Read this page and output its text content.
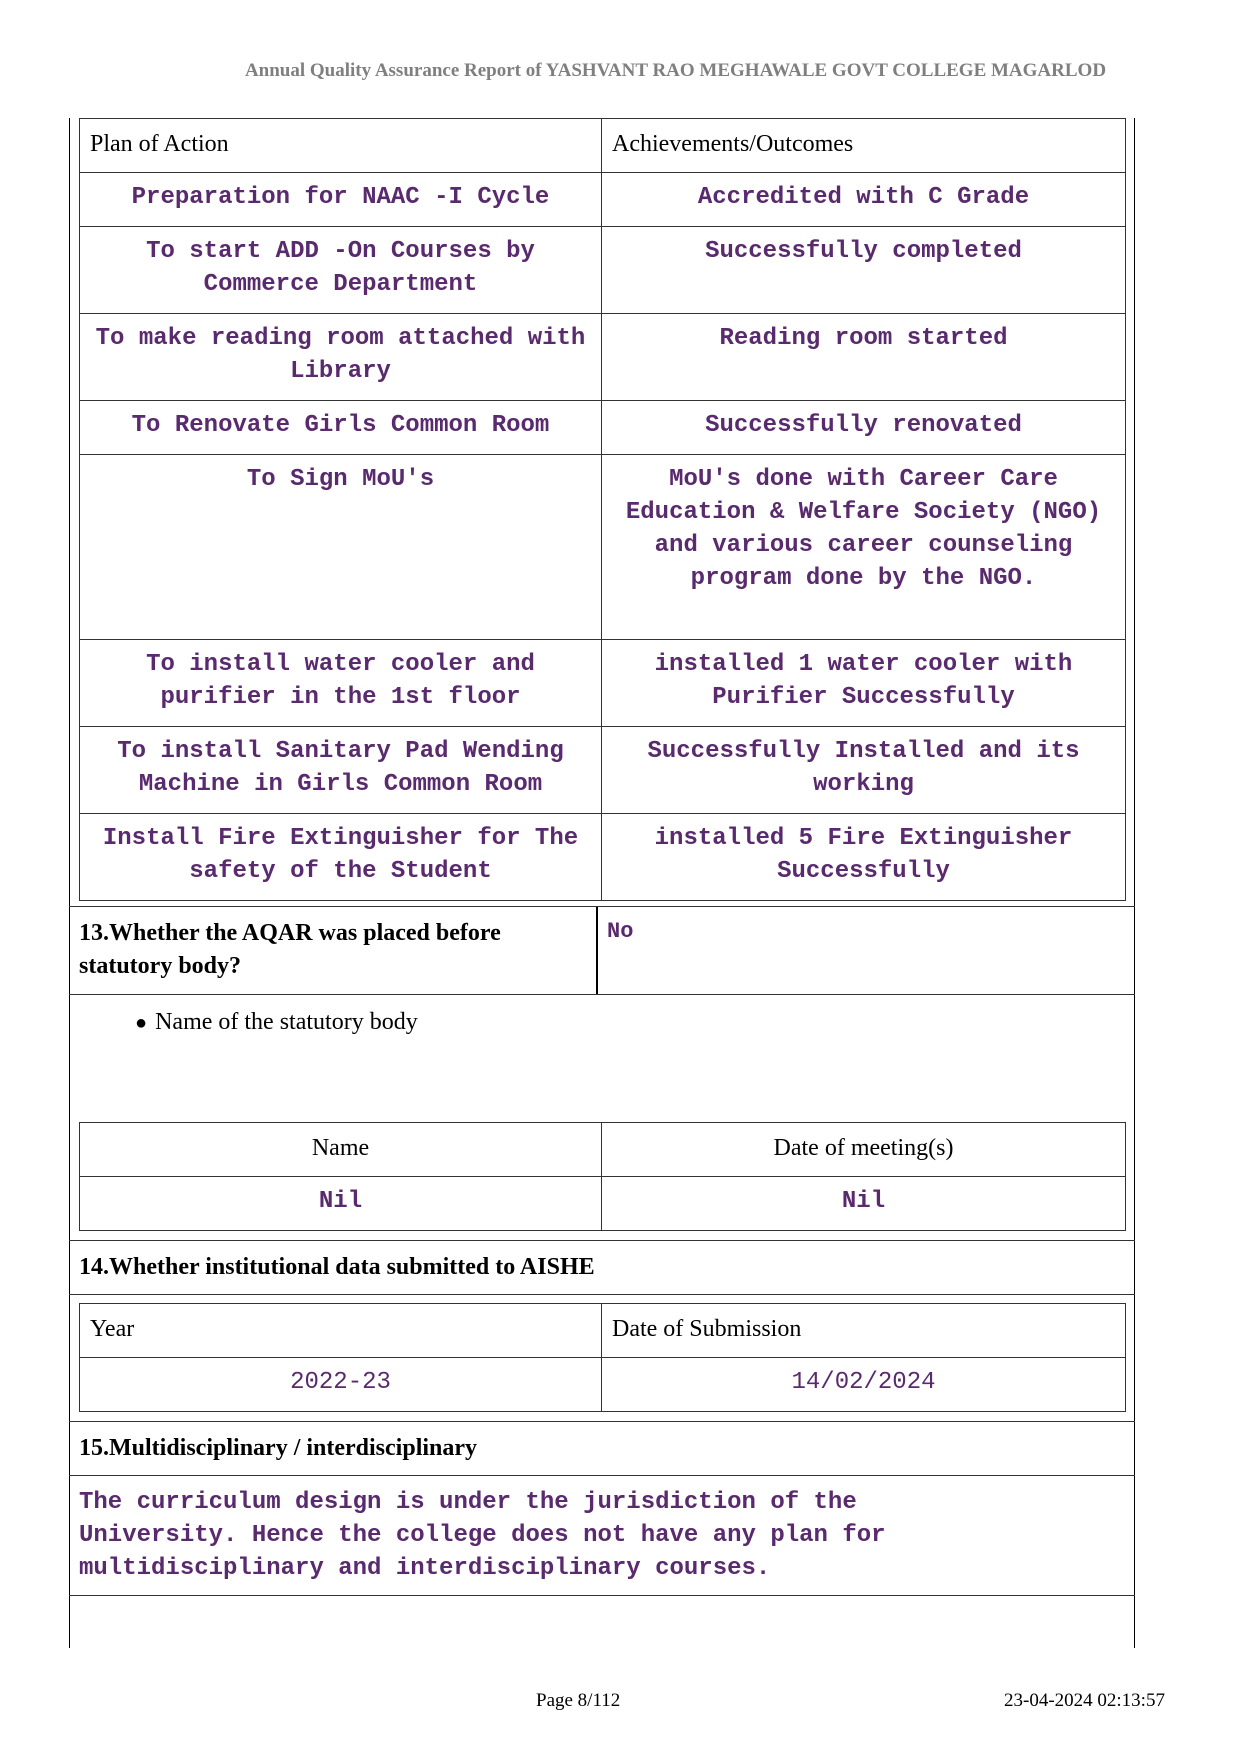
Annual Quality Assurance Report of YASHVANT RAO MEGHAWALE GOVT COLLEGE MAGARLOD
Plan of Action	Achievements/Outcomes
Preparation for NAAC -I Cycle	Accredited with C Grade
To start ADD -On Courses by Commerce Department	Successfully completed
To make reading room attached with Library	Reading room started
To Renovate Girls Common Room	Successfully renovated
To Sign MoU's	MoU's done with Career Care Education & Welfare Society (NGO) and various career counseling program done by the NGO.
To install water cooler and purifier in the 1st floor	installed 1 water cooler with Purifier Successfully
To install Sanitary Pad Wending Machine in Girls Common Room	Successfully Installed and its working
Install Fire Extinguisher for The safety of the Student	installed 5 Fire Extinguisher Successfully
13.Whether the AQAR was placed before statutory body?
No
● Name of the statutory body
Name	Date of meeting(s)
Nil	Nil
14.Whether institutional data submitted to AISHE
Year	Date of Submission
2022-23	14/02/2024
15.Multidisciplinary / interdisciplinary
The curriculum design is under the jurisdiction of the University. Hence the college does not have any plan for multidisciplinary and interdisciplinary courses.
Page 8/112	23-04-2024 02:13:57
